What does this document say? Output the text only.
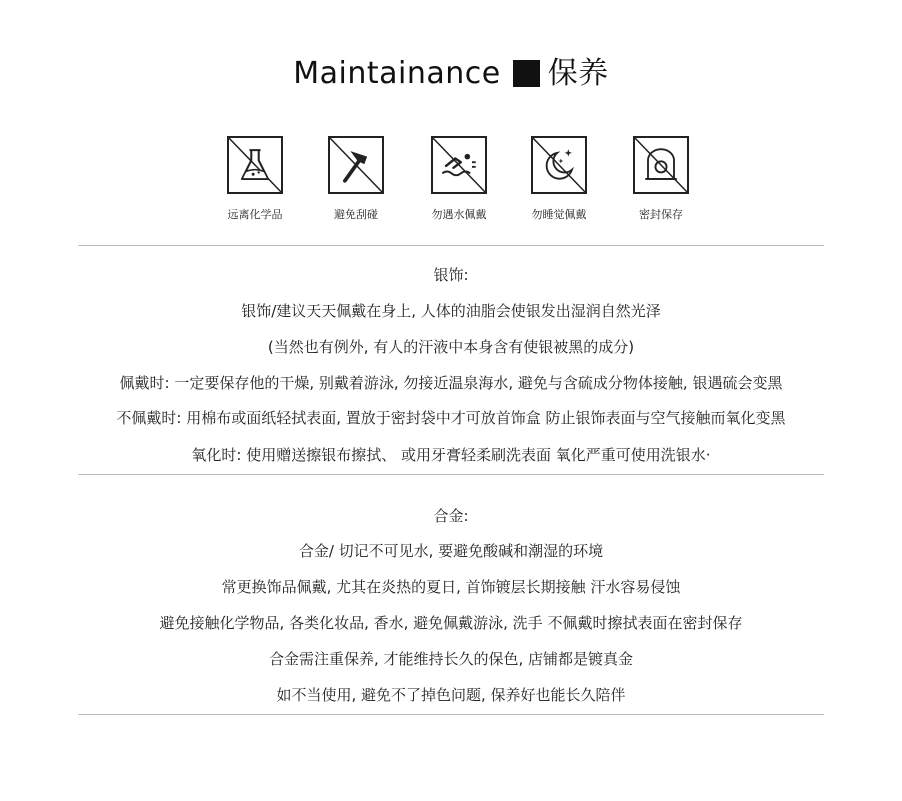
Maintainance 保养
远离化学品	避免刮碰	勿遇水佩戴	勿睡觉佩戴	密封保存
银饰:
银饰/建议天天佩戴在身上, 人体的油脂会使银发出湿润自然光泽
(当然也有例外, 有人的汗液中本身含有使银被黑的成分)
佩戴时: 一定要保存他的干燥, 别戴着游泳, 勿接近温泉海水, 避免与含硫成分物体接触, 银遇硫会变黑
不佩戴时: 用棉布或面纸轻拭表面, 置放于密封袋中才可放首饰盒 防止银饰表面与空气接触而氧化变黑
氧化时: 使用赠送擦银布擦拭、 或用牙膏轻柔刷洗表面 氧化严重可使用洗银水·
合金:
合金/ 切记不可见水, 要避免酸碱和潮湿的环境
常更换饰品佩戴, 尤其在炎热的夏日, 首饰镀层长期接触 汗水容易侵蚀
避免接触化学物品, 各类化妆品, 香水, 避免佩戴游泳, 洗手 不佩戴时擦拭表面在密封保存
合金需注重保养, 才能维持长久的保色, 店铺都是镀真金
如不当使用, 避免不了掉色问题, 保养好也能长久陪伴
